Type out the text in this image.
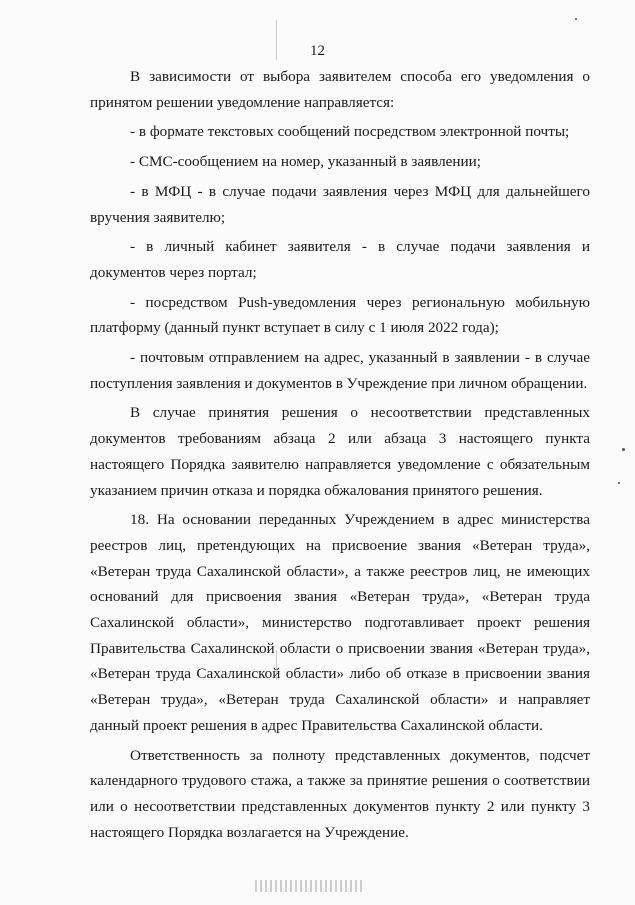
12

В зависимости от выбора заявителем способа его уведомления о принятом решении уведомление направляется:

- в формате текстовых сообщений посредством электронной почты;

- СМС-сообщением на номер, указанный в заявлении;

- в МФЦ - в случае подачи заявления через МФЦ для дальнейшего вручения заявителю;

- в личный кабинет заявителя - в случае подачи заявления и документов через портал;

- посредством Push-уведомления через региональную мобильную платформу (данный пункт вступает в силу с 1 июля 2022 года);

- почтовым отправлением на адрес, указанный в заявлении - в случае поступления заявления и документов в Учреждение при личном обращении.

В случае принятия решения о несоответствии представленных документов требованиям абзаца 2 или абзаца 3 настоящего пункта настоящего Порядка заявителю направляется уведомление с обязательным указанием причин отказа и порядка обжалования принятого решения.

18. На основании переданных Учреждением в адрес министерства реестров лиц, претендующих на присвоение звания «Ветеран труда», «Ветеран труда Сахалинской области», а также реестров лиц, не имеющих оснований для присвоения звания «Ветеран труда», «Ветеран труда Сахалинской области», министерство подготавливает проект решения Правительства Сахалинской области о присвоении звания «Ветеран труда», «Ветеран труда Сахалинской области» либо об отказе в присвоении звания «Ветеран труда», «Ветеран труда Сахалинской области» и направляет данный проект решения в адрес Правительства Сахалинской области.

Ответственность за полноту представленных документов, подсчет календарного трудового стажа, а также за принятие решения о соответствии или о несоответствии представленных документов пункту 2 или пункту 3 настоящего Порядка возлагается на Учреждение.
